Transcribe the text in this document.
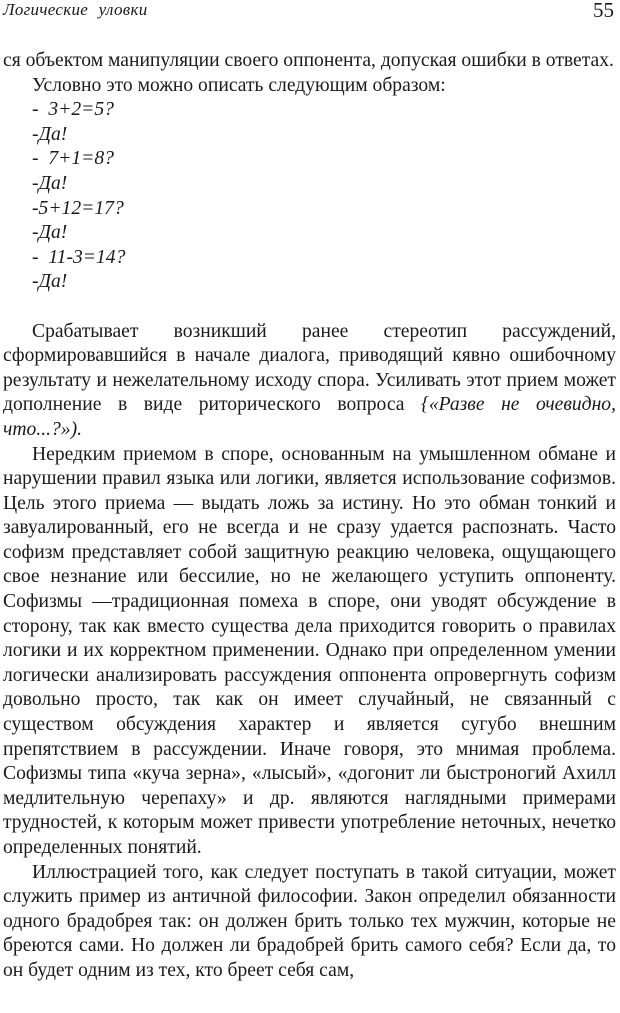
Логические уловки	55

ся объектом манипуляции своего оппонента, допуская ошибки в ответах.

Условно это можно описать следующим образом:

-  3+2=5?

-Да!

-  7+1=8?

-Да!

-5+12=17?

-Да!

-  11-3=14?

-Да!

Срабатывает возникший ранее стереотип рассуждений, сформировавшийся в начале диалога, приводящий кявно ошибочному результату и нежелательному исходу спора. Усиливать этот прием может дополнение в виде риторического вопроса {«Разве не очевидно, что...?»).

Нередким приемом в споре, основанным на умышленном обмане и нарушении правил языка или логики, является использование софизмов. Цель этого приема — выдать ложь за истину. Но это обман тонкий и завуалированный, его не всегда и не сразу удается распознать. Часто софизм представляет собой защитную реакцию человека, ощущающего свое незнание или бессилие, но не желающего уступить оппоненту. Софизмы —традиционная помеха в споре, они уводят обсуждение в сторону, так как вместо существа дела приходится говорить о правилах логики и их корректном применении. Однако при определенном умении логически анализировать рассуждения оппонента опровергнуть софизм довольно просто, так как он имеет случайный, не связанный с существом обсуждения характер и является сугубо внешним препятствием в рассуждении. Иначе говоря, это мнимая проблема. Софизмы типа «куча зерна», «лысый», «догонит ли быстроногий Ахилл медлительную черепаху» и др. являются наглядными примерами трудностей, к которым может привести употребление неточных, нечетко определенных понятий.

Иллюстрацией того, как следует поступать в такой ситуации, может служить пример из античной философии. Закон определил обязанности одного брадобрея так: он должен брить только тех мужчин, которые не бреются сами. Но должен ли брадобрей брить самого себя? Если да, то он будет одним из тех, кто бреет себя сам,
